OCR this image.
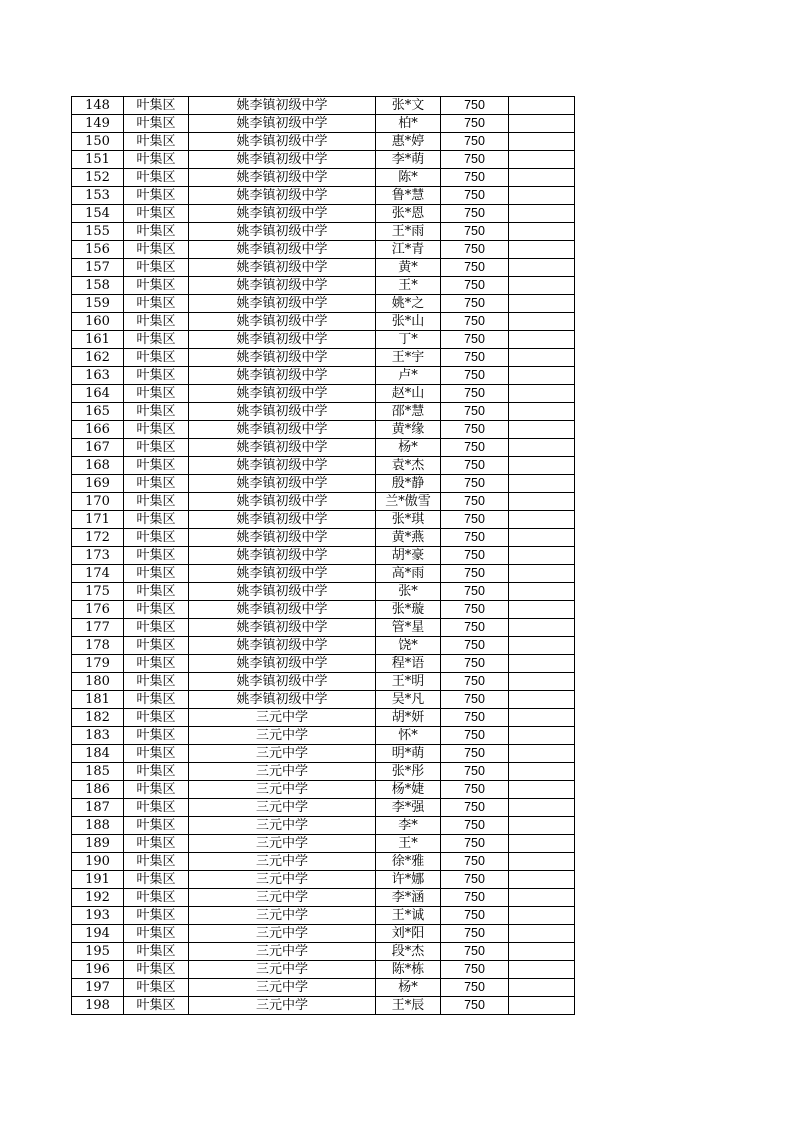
148	叶集区	姚李镇初级中学	张*文	750	
149	叶集区	姚李镇初级中学	柏*	750	
150	叶集区	姚李镇初级中学	惠*婷	750	
151	叶集区	姚李镇初级中学	李*萌	750	
152	叶集区	姚李镇初级中学	陈*	750	
153	叶集区	姚李镇初级中学	鲁*慧	750	
154	叶集区	姚李镇初级中学	张*恩	750	
155	叶集区	姚李镇初级中学	王*雨	750	
156	叶集区	姚李镇初级中学	江*青	750	
157	叶集区	姚李镇初级中学	黄*	750	
158	叶集区	姚李镇初级中学	王*	750	
159	叶集区	姚李镇初级中学	姚*之	750	
160	叶集区	姚李镇初级中学	张*山	750	
161	叶集区	姚李镇初级中学	丁*	750	
162	叶集区	姚李镇初级中学	王*宇	750	
163	叶集区	姚李镇初级中学	卢*	750	
164	叶集区	姚李镇初级中学	赵*山	750	
165	叶集区	姚李镇初级中学	邵*慧	750	
166	叶集区	姚李镇初级中学	黄*缘	750	
167	叶集区	姚李镇初级中学	杨*	750	
168	叶集区	姚李镇初级中学	袁*杰	750	
169	叶集区	姚李镇初级中学	殷*静	750	
170	叶集区	姚李镇初级中学	兰*傲雪	750	
171	叶集区	姚李镇初级中学	张*琪	750	
172	叶集区	姚李镇初级中学	黄*燕	750	
173	叶集区	姚李镇初级中学	胡*豪	750	
174	叶集区	姚李镇初级中学	高*雨	750	
175	叶集区	姚李镇初级中学	张*	750	
176	叶集区	姚李镇初级中学	张*璇	750	
177	叶集区	姚李镇初级中学	管*星	750	
178	叶集区	姚李镇初级中学	饶*	750	
179	叶集区	姚李镇初级中学	程*语	750	
180	叶集区	姚李镇初级中学	王*明	750	
181	叶集区	姚李镇初级中学	吴*凡	750	
182	叶集区	三元中学	胡*妍	750	
183	叶集区	三元中学	怀*	750	
184	叶集区	三元中学	明*萌	750	
185	叶集区	三元中学	张*彤	750	
186	叶集区	三元中学	杨*婕	750	
187	叶集区	三元中学	李*强	750	
188	叶集区	三元中学	李*	750	
189	叶集区	三元中学	王*	750	
190	叶集区	三元中学	徐*雅	750	
191	叶集区	三元中学	许*娜	750	
192	叶集区	三元中学	李*涵	750	
193	叶集区	三元中学	王*诚	750	
194	叶集区	三元中学	刘*阳	750	
195	叶集区	三元中学	段*杰	750	
196	叶集区	三元中学	陈*栋	750	
197	叶集区	三元中学	杨*	750	
198	叶集区	三元中学	王*辰	750	
